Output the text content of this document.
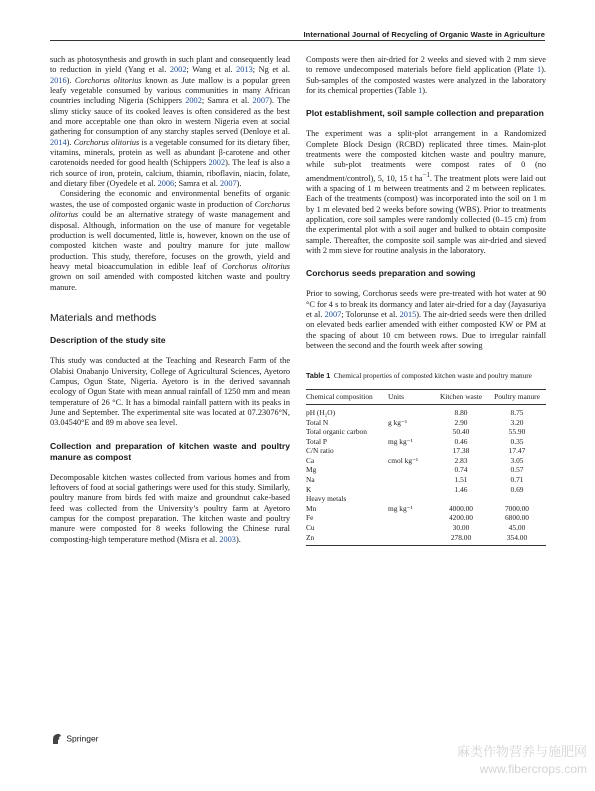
International Journal of Recycling of Organic Waste in Agriculture

such as photosynthesis and growth in such plant and consequently lead to reduction in yield (Yang et al. 2002; Wang et al. 2013; Ng et al. 2016). Corchorus olitorius known as Jute mallow is a popular green leafy vegetable consumed by various communities in many African countries including Nigeria (Schippers 2002; Samra et al. 2007). The slimy sticky sauce of its cooked leaves is often considered as the best and more acceptable one than okro in western Nigeria even at social gathering for consumption of any starchy staples served (Denloye et al. 2014). Corchorus olitorius is a vegetable consumed for its dietary fiber, vitamins, minerals, protein as well as abundant β-carotene and other carotenoids needed for good health (Schippers 2002). The leaf is also a rich source of iron, protein, calcium, thiamin, riboflavin, niacin, folate, and dietary fiber (Oyedele et al. 2006; Samra et al. 2007).

Considering the economic and environmental benefits of organic wastes, the use of composted organic waste in production of Corchorus olitorius could be an alternative strategy of waste management and disposal. Although, information on the use of manure for vegetable production is well documented, little is, however, known on the use of composted kitchen waste and poultry manure for jute mallow production. This study, therefore, focuses on the growth, yield and heavy metal bioaccumulation in edible leaf of Corchorus olitorius grown on soil amended with composted kitchen waste and poultry manure.

Materials and methods
Description of the study site

This study was conducted at the Teaching and Research Farm of the Olabisi Onabanjo University, College of Agricultural Sciences, Ayetoro Campus, Ogun State, Nigeria. Ayetoro is in the derived savannah ecology of Ogun State with mean annual rainfall of 1250 mm and mean temperature of 26 °C. It has a bimodal rainfall pattern with its peaks in June and September. The experimental site was located at 07.23076°N, 03.04540°E and 89 m above sea level.

Collection and preparation of kitchen waste and poultry manure as compost

Decomposable kitchen wastes collected from various homes and from leftovers of food at social gatherings were used for this study. Similarly, poultry manure from birds fed with maize and groundnut cake-based feed was collected from the University’s poultry farm at Ayetoro campus for the compost preparation. The kitchen waste and poultry manure were composted for 8 weeks following the Chinese rural composting-high temperature method (Misra et al. 2003).

Composts were then air-dried for 2 weeks and sieved with 2 mm sieve to remove undecomposed materials before field application (Plate 1). Sub-samples of the composted wastes were analyzed in the laboratory for its chemical properties (Table 1).

Plot establishment, soil sample collection and preparation

The experiment was a split-plot arrangement in a Randomized Complete Block Design (RCBD) replicated three times. Main-plot treatments were the composted kitchen waste and poultry manure, while sub-plot treatments were compost rates of 0 (no amendment/control), 5, 10, 15 t $ha^{-1}$. The treatment plots were laid out with a spacing of 1 m between treatments and 2 m between replicates. Each of the treatments (compost) was incorporated into the soil on 1 m by 1 m elevated bed 2 weeks before sowing (WBS). Prior to treatments application, core soil samples were randomly collected (0–15 cm) from the experimental plot with a soil auger and bulked to obtain composite sample. Thereafter, the composite soil sample was air-dried and sieved with 2 mm sieve for routine analysis in the laboratory.

Corchorus seeds preparation and sowing

Prior to sowing, Corchorus seeds were pre-treated with hot water at 90 °C for 4 s to break its dormancy and later air-dried for a day (Jayasuriya et al. 2007; Tolorunse et al. 2015). The air-dried seeds were then drilled on elevated beds earlier amended with either composted KW or PM at the spacing of about 10 cm between rows. Due to irregular rainfall between the second and the fourth week after sowing

Table 1 Chemical properties of composted kitchen waste and poultry manure
Chemical composition	Units	Kitchen waste	Poultry manure
pH (H₂O)		8.80	8.75
Total N	g kg⁻¹	2.90	3.20
Total organic carbon		50.40	55.90
Total P	mg kg⁻¹	0.46	0.35
C/N ratio		17.38	17.47
Ca	cmol kg⁻¹	2.83	3.05
Mg		0.74	0.57
Na		1.51	0.71
K		1.46	0.69
Heavy metals			
Mn	mg kg⁻¹	4000.00	7000.00
Fe		4200.00	6800.00
Cu		30.00	45.00
Zn		278.00	354.00
Springer
麻类作物营养与施肥网
www.fibercrops.com
